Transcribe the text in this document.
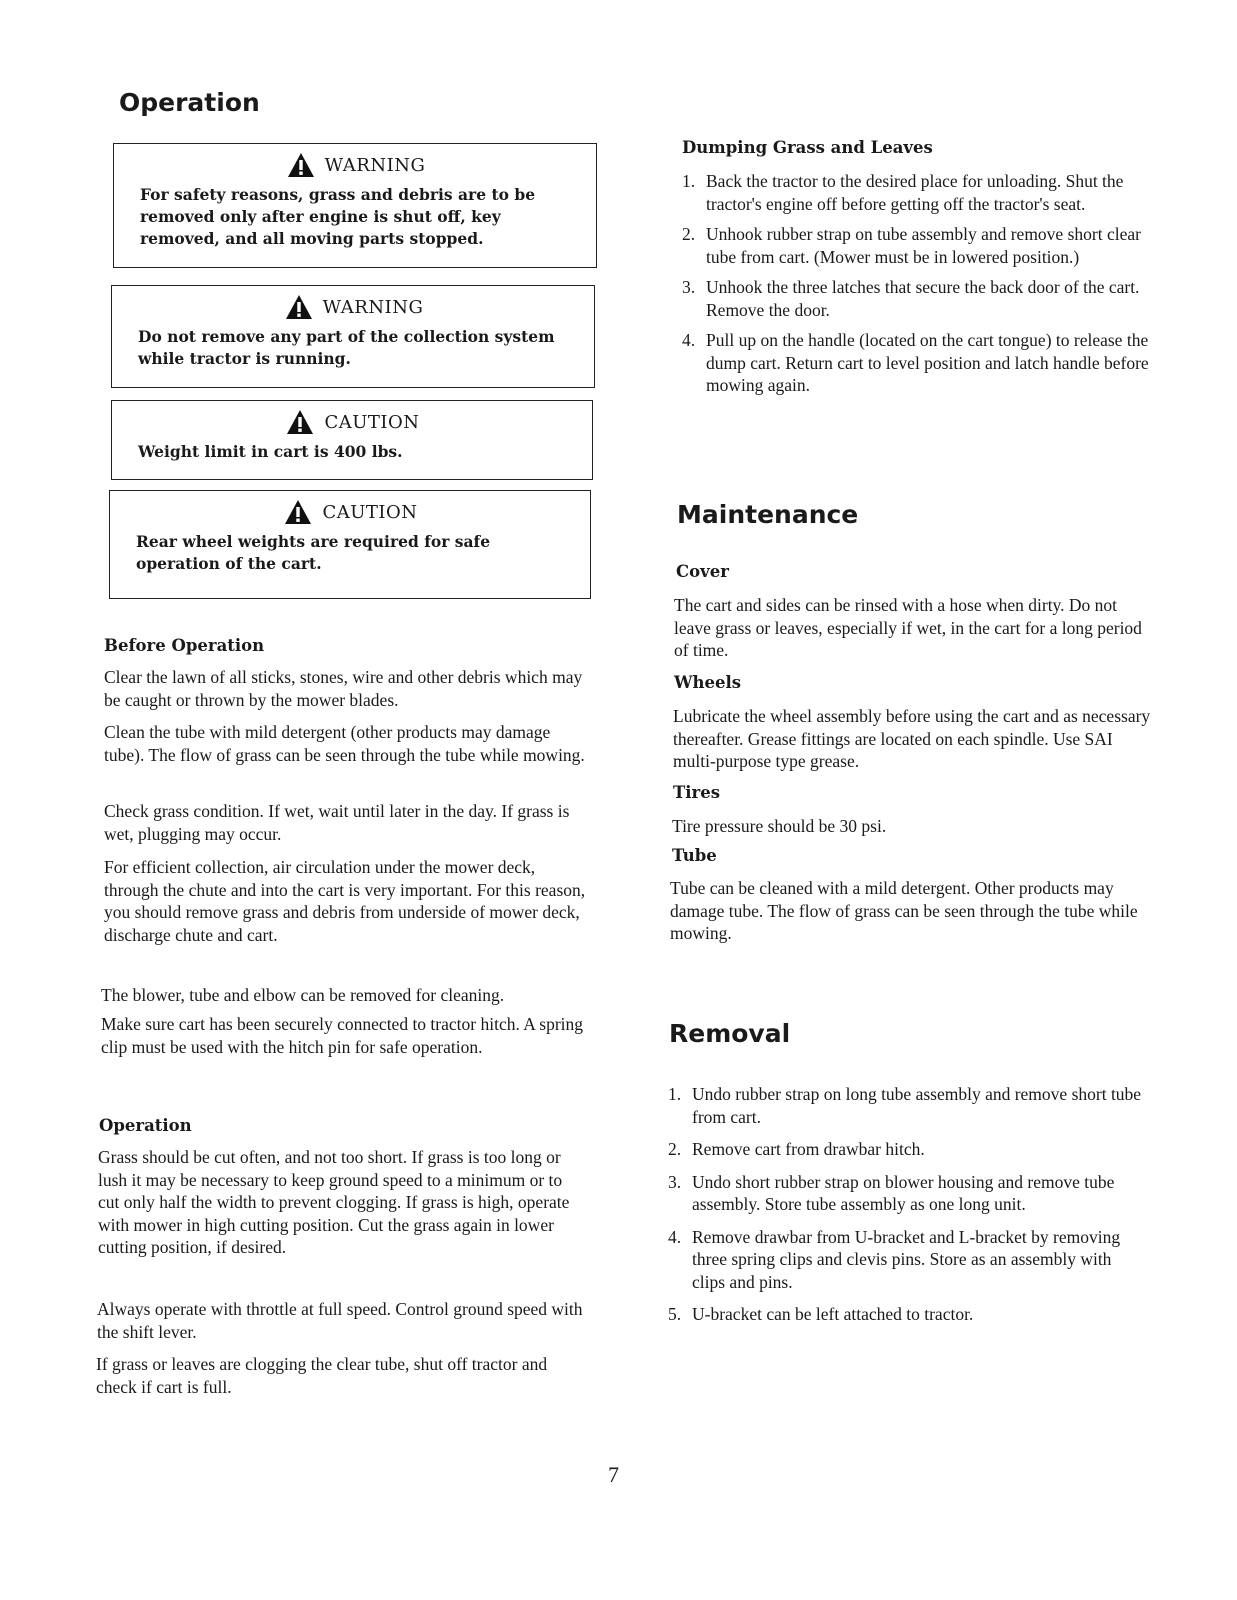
Operation
WARNING
For safety reasons, grass and debris are to be removed only after engine is shut off, key removed, and all moving parts stopped.
WARNING
Do not remove any part of the collection system while tractor is running.
CAUTION
Weight limit in cart is 400 lbs.
CAUTION
Rear wheel weights are required for safe operation of the cart.
Before Operation

Clear the lawn of all sticks, stones, wire and other debris which may be caught or thrown by the mower blades.

Clean the tube with mild detergent (other products may damage tube). The flow of grass can be seen through the tube while mowing.

Check grass condition. If wet, wait until later in the day. If grass is wet, plugging may occur.

For efficient collection, air circulation under the mower deck, through the chute and into the cart is very important. For this reason, you should remove grass and debris from underside of mower deck, discharge chute and cart.

The blower, tube and elbow can be removed for cleaning.

Make sure cart has been securely connected to tractor hitch. A spring clip must be used with the hitch pin for safe operation.

Operation

Grass should be cut often, and not too short. If grass is too long or lush it may be necessary to keep ground speed to a minimum or to cut only half the width to prevent clogging. If grass is high, operate with mower in high cutting position. Cut the grass again in lower cutting position, if desired.

Always operate with throttle at full speed. Control ground speed with the shift lever.

If grass or leaves are clogging the clear tube, shut off tractor and check if cart is full.

Dumping Grass and Leaves
1. Back the tractor to the desired place for unloading. Shut the tractor's engine off before getting off the tractor's seat.
2. Unhook rubber strap on tube assembly and remove short clear tube from cart. (Mower must be in lowered position.)
3. Unhook the three latches that secure the back door of the cart. Remove the door.
4. Pull up on the handle (located on the cart tongue) to release the dump cart. Return cart to level position and latch handle before mowing again.
Maintenance
Cover

The cart and sides can be rinsed with a hose when dirty. Do not leave grass or leaves, especially if wet, in the cart for a long period of time.

Wheels

Lubricate the wheel assembly before using the cart and as necessary thereafter. Grease fittings are located on each spindle. Use SAI multi-purpose type grease.

Tires

Tire pressure should be 30 psi.

Tube

Tube can be cleaned with a mild detergent. Other products may damage tube. The flow of grass can be seen through the tube while mowing.

Removal
1. Undo rubber strap on long tube assembly and remove short tube from cart.
2. Remove cart from drawbar hitch.
3. Undo short rubber strap on blower housing and remove tube assembly. Store tube assembly as one long unit.
4. Remove drawbar from U-bracket and L-bracket by removing three spring clips and clevis pins. Store as an assembly with clips and pins.
5. U-bracket can be left attached to tractor.
7
